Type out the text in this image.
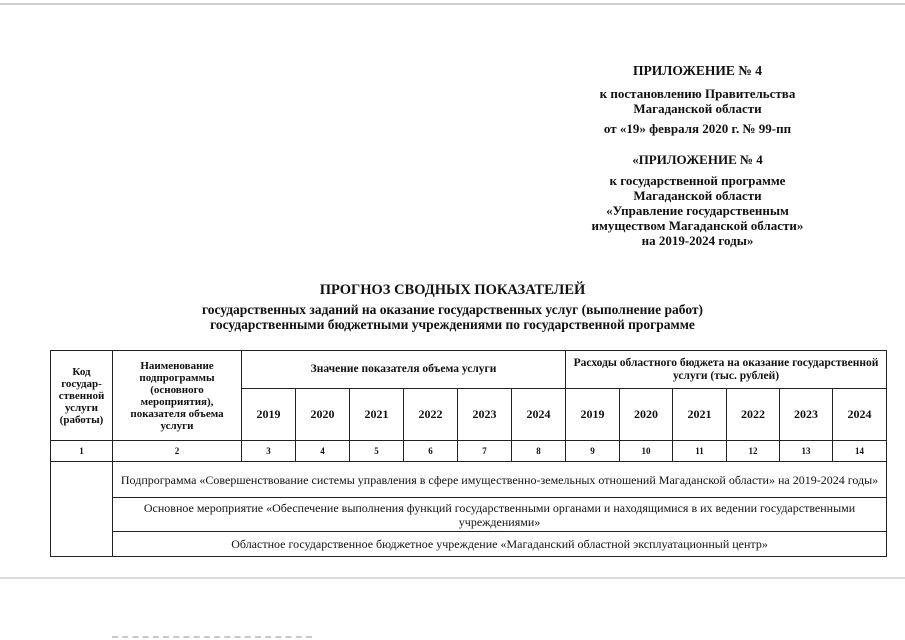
ПРИЛОЖЕНИЕ № 4
к постановлению Правительства
Магаданской области
от «19» февраля 2020 г. № 99-пп
«ПРИЛОЖЕНИЕ № 4
к государственной программе
Магаданской области
«Управление государственным
имуществом Магаданской области»
на 2019-2024 годы»
ПРОГНОЗ СВОДНЫХ ПОКАЗАТЕЛЕЙ
государственных заданий на оказание государственных услуг (выполнение работ)
государственными бюджетными учреждениями по государственной программе
Код государ-ственной услуги (работы)	Наименование подпрограммы (основного мероприятия), показателя объема услуги	Значение показателя объема услуги						Расходы областного бюджета на оказание государственной услуги (тыс. рублей)					
		2019	2020	2021	2022	2023	2024	2019	2020	2021	2022	2023	2024
1	2	3	4	5	6	7	8	9	10	11	12	13	14
	Подпрограмма «Совершенствование системы управления в сфере имущественно-земельных отношений Магаданской области» на 2019-2024 годы»												
	Основное мероприятие «Обеспечение выполнения функций государственными органами и находящимися в их ведении государственными учреждениями»												
	Областное государственное бюджетное учреждение «Магаданский областной эксплуатационный центр»												
